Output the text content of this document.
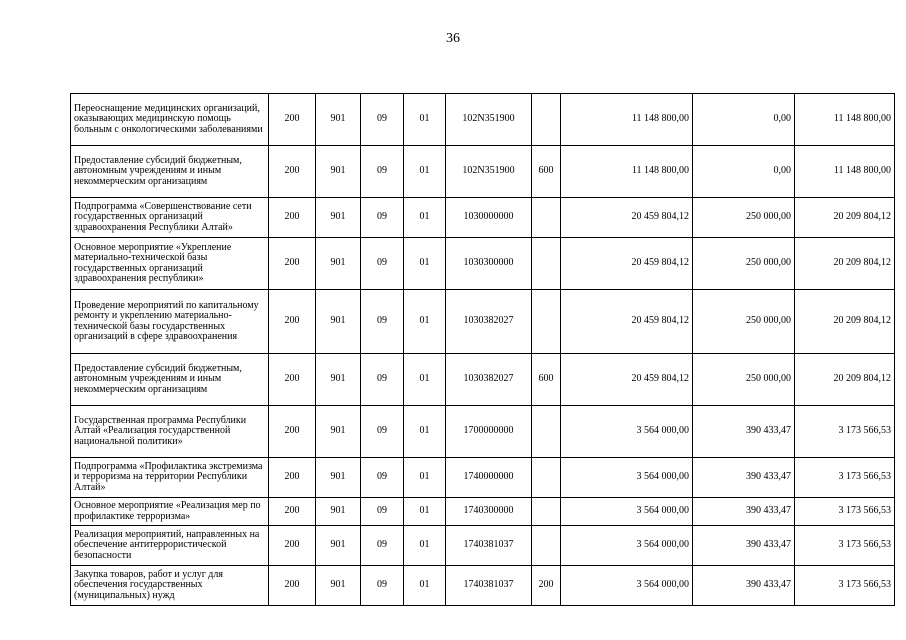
36
Переоснащение медицинских организаций, оказывающих медицинскую помощь больным с онкологическими заболеваниями	200	901	09	01	102N351900		11 148 800,00	0,00	11 148 800,00
Предоставление субсидий бюджетным, автономным учреждениям и иным некоммерческим организациям	200	901	09	01	102N351900	600	11 148 800,00	0,00	11 148 800,00
Подпрограмма «Совершенствование сети государственных организаций здравоохранения Республики Алтай»	200	901	09	01	1030000000		20 459 804,12	250 000,00	20 209 804,12
Основное мероприятие «Укрепление материально-технической базы государственных организаций здравоохранения республики»	200	901	09	01	1030300000		20 459 804,12	250 000,00	20 209 804,12
Проведение мероприятий по капитальному ремонту и укреплению материально-технической базы государственных организаций в сфере здравоохранения	200	901	09	01	1030382027		20 459 804,12	250 000,00	20 209 804,12
Предоставление субсидий бюджетным, автономным учреждениям и иным некоммерческим организациям	200	901	09	01	1030382027	600	20 459 804,12	250 000,00	20 209 804,12
Государственная программа Республики Алтай «Реализация государственной национальной политики»	200	901	09	01	1700000000		3 564 000,00	390 433,47	3 173 566,53
Подпрограмма «Профилактика экстремизма и терроризма на территории Республики Алтай»	200	901	09	01	1740000000		3 564 000,00	390 433,47	3 173 566,53
Основное мероприятие «Реализация мер по профилактике терроризма»	200	901	09	01	1740300000		3 564 000,00	390 433,47	3 173 566,53
Реализация мероприятий, направленных на обеспечение антитеррористической безопасности	200	901	09	01	1740381037		3 564 000,00	390 433,47	3 173 566,53
Закупка товаров, работ и услуг для обеспечения государственных (муниципальных) нужд	200	901	09	01	1740381037	200	3 564 000,00	390 433,47	3 173 566,53
